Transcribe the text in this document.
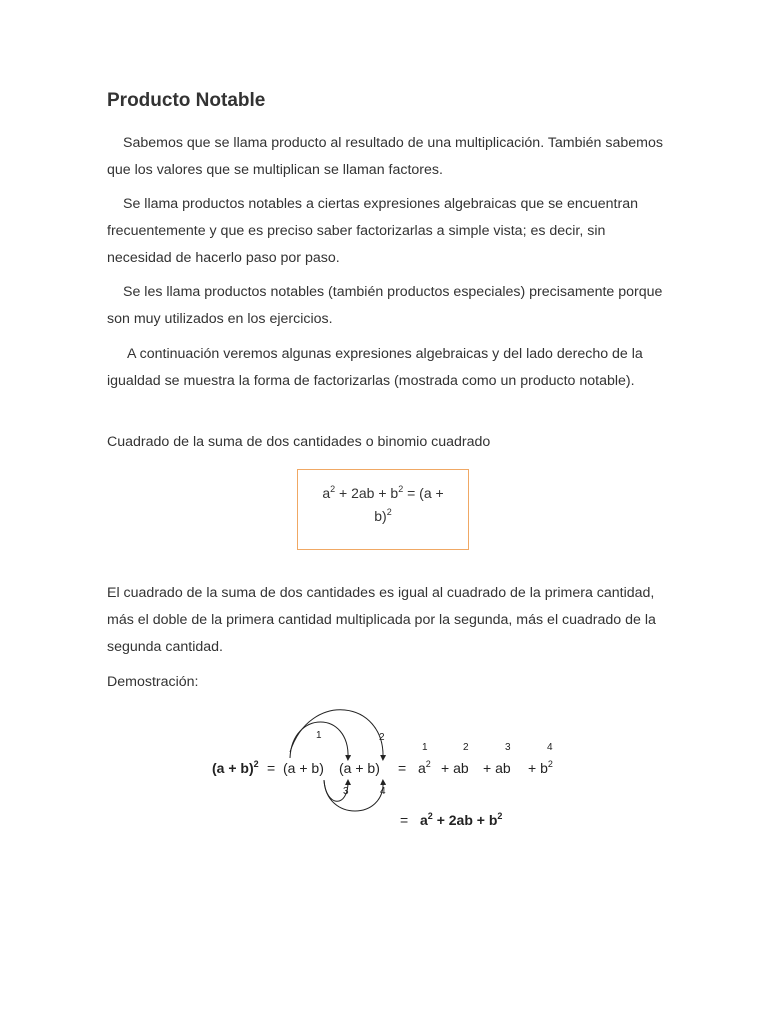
Producto Notable

Sabemos que se llama producto al resultado de una multiplicación. También sabemos que los valores que se multiplican se llaman factores.

Se llama productos notables a ciertas expresiones algebraicas que se encuentran frecuentemente y que es preciso saber factorizarlas a simple vista; es decir, sin necesidad de hacerlo paso por paso.

Se les llama productos notables (también productos especiales) precisamente porque son muy utilizados en los ejercicios.

A continuación veremos algunas expresiones algebraicas y del lado derecho de la igualdad se muestra la forma de factorizarlas (mostrada como un producto notable).

Cuadrado de la suma de dos cantidades o binomio cuadrado

$a^2 + 2ab + b^2 = (a$ +
b)$^2$

El cuadrado de la suma de dos cantidades es igual al cuadrado de la primera cantidad, más el doble de la primera cantidad multiplicada por la segunda, más el cuadrado de la segunda cantidad.

Demostración:

1	2
3	4
1	2	3	4
$(a + b)^2 = (a + b)$ $(a + b) = a^2$ + ab + ab + $b^2$
= $a^2 + 2ab + b^2$
